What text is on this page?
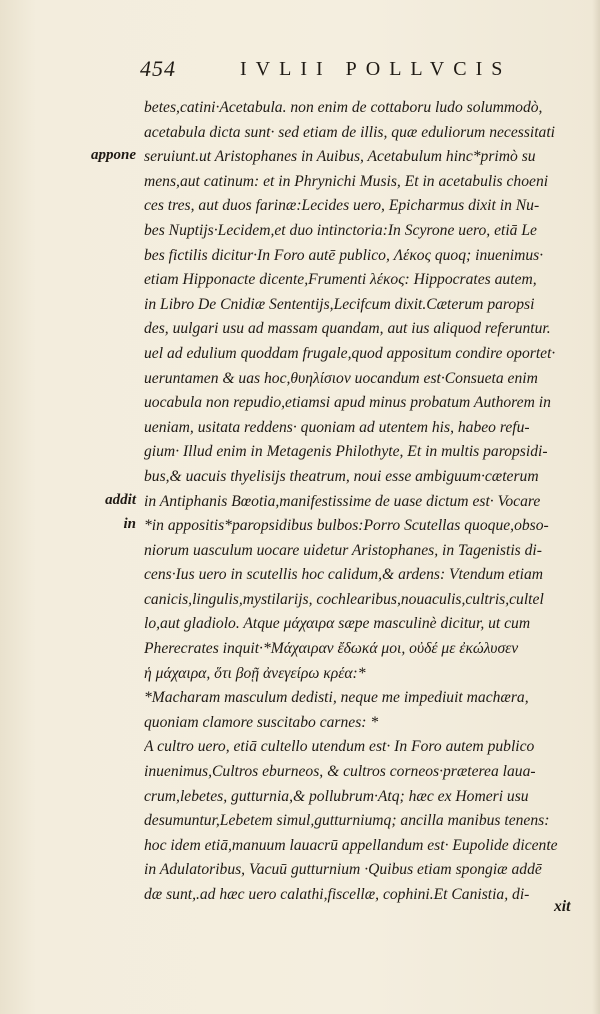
454	IVLII POLLVCIS
appone
addit
in
betes,catini·Acetabula. non enim de cottaboru ludo solummodò,
acetabula dicta sunt· sed etiam de illis, quæ eduliorum necessitati
seruiunt.ut Aristophanes in Auibus, Acetabulum hinc*primò su
mens,aut catinum: et in Phrynichi Musis, Et in acetabulis choeni
ces tres, aut duos farinæ:Lecides uero, Epicharmus dixit in Nu-
bes Nuptijs·Lecidem,et duo intinctoria:In Scyrone uero, etiā Le
bes fictilis dicitur·In Foro autē publico, Λέκος quoq; inuenimus·
etiam Hipponacte dicente,Frumenti λέκος: Hippocrates autem,
in Libro De Cnidiæ Sententijs,Lecifcum dixit.Cæterum paropsi
des, uulgari usu ad massam quandam, aut ius aliquod referuntur.
uel ad edulium quoddam frugale,quod appositum condire oportet·
ueruntamen & uas hoc,θυηλίσιον uocandum est·Consueta enim
uocabula non repudio,etiamsi apud minus probatum Authorem in
ueniam, usitata reddens· quoniam ad utentem his, habeo refu-
gium· Illud enim in Metagenis Philothyte, Et in multis paropsidi-
bus,& uacuis thyelisijs theatrum, noui esse ambiguum·cæterum
in Antiphanis Bœotia,manifestissime de uase dictum est· Vocare
*in appositis*paropsidibus bulbos:Porro Scutellas quoque,obso-
niorum uasculum uocare uidetur Aristophanes, in Tagenistis di-
cens·Ius uero in scutellis hoc calidum,& ardens: Vtendum etiam
canicis,lingulis,mystilarijs, cochlearibus,nouaculis,cultris,cultel
lo,aut gladiolo. Atque μάχαιρα sæpe masculinè dicitur, ut cum
Pherecrates inquit·*Μάχαιραν ἔδωκά μοι, οὐδέ με ἐκώλυσεν
ἡ μάχαιρα, ὅτι βοῇ ἀνεγείρω κρέα:*
*Macharam masculum dedisti, neque me impediuit machæra,
quoniam clamore suscitabo carnes: *
A cultro uero, etiā cultello utendum est· In Foro autem publico
inuenimus,Cultros eburneos, & cultros corneos·præterea laua-
crum,lebetes, gutturnia,& pollubrum·Atq; hæc ex Homeri usu
desumuntur,Lebetem simul,gutturniumq; ancilla manibus tenens:
hoc idem etiā,manuum lauacrū appellandum est· Eupolide dicente
in Adulatoribus, Vacuū gutturnium ·Quibus etiam spongiæ addē
dæ sunt,.ad hæc uero calathi,fiscellæ, cophini.Et Canistia, di-
xit
